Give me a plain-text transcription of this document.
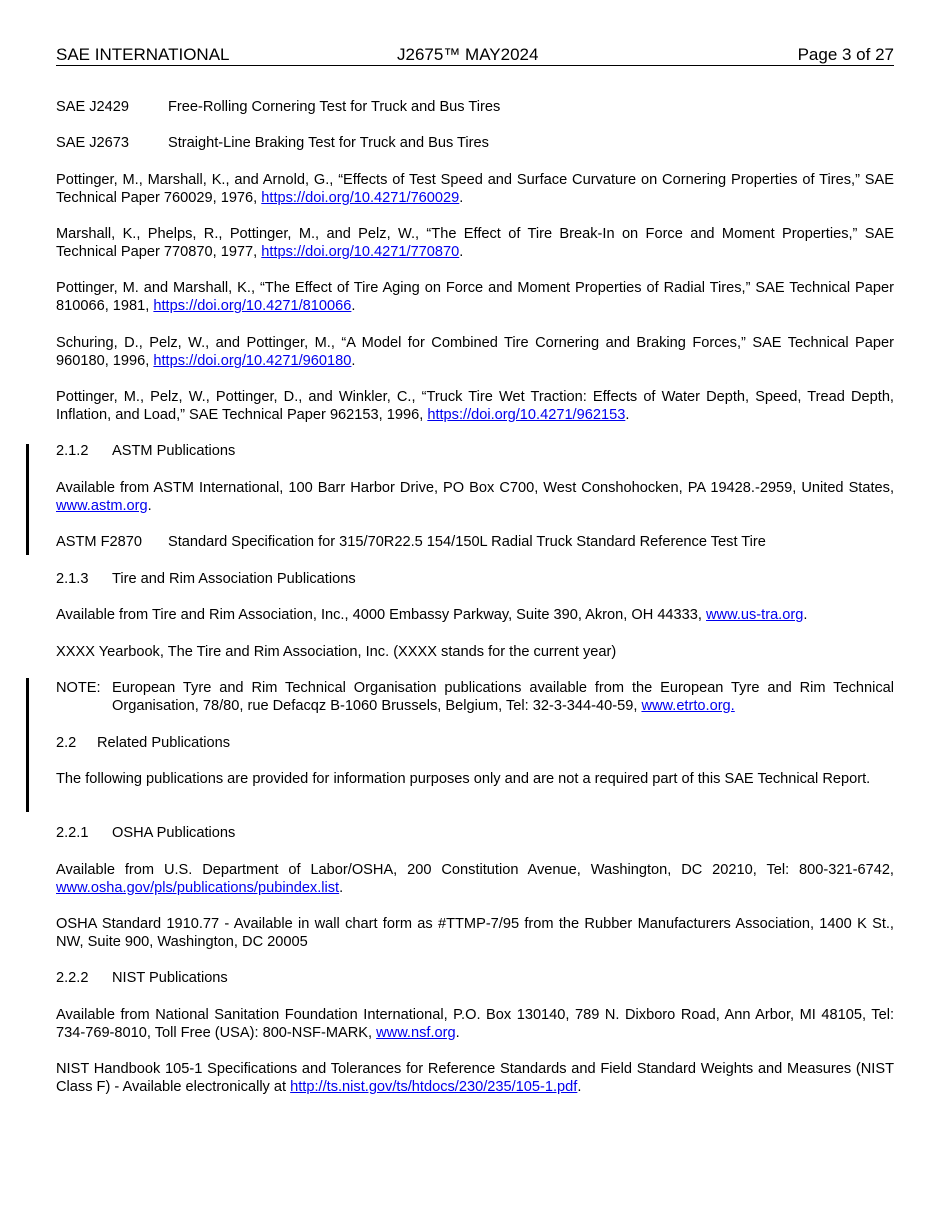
SAE INTERNATIONAL	J2675™ MAY2024	Page 3 of 27
SAE J2429	Free-Rolling Cornering Test for Truck and Bus Tires
SAE J2673	Straight-Line Braking Test for Truck and Bus Tires
Pottinger, M., Marshall, K., and Arnold, G., “Effects of Test Speed and Surface Curvature on Cornering Properties of Tires,” SAE Technical Paper 760029, 1976, https://doi.org/10.4271/760029.
Marshall, K., Phelps, R., Pottinger, M., and Pelz, W., “The Effect of Tire Break-In on Force and Moment Properties,” SAE Technical Paper 770870, 1977, https://doi.org/10.4271/770870.
Pottinger, M. and Marshall, K., “The Effect of Tire Aging on Force and Moment Properties of Radial Tires,” SAE Technical Paper 810066, 1981, https://doi.org/10.4271/810066.
Schuring, D., Pelz, W., and Pottinger, M., “A Model for Combined Tire Cornering and Braking Forces,” SAE Technical Paper 960180, 1996, https://doi.org/10.4271/960180.
Pottinger, M., Pelz, W., Pottinger, D., and Winkler, C., “Truck Tire Wet Traction: Effects of Water Depth, Speed, Tread Depth, Inflation, and Load,” SAE Technical Paper 962153, 1996, https://doi.org/10.4271/962153.
2.1.2	ASTM Publications
Available from ASTM International, 100 Barr Harbor Drive, PO Box C700, West Conshohocken, PA 19428.-2959, United States, www.astm.org.
ASTM F2870	Standard Specification for 315/70R22.5 154/150L Radial Truck Standard Reference Test Tire
2.1.3	Tire and Rim Association Publications
Available from Tire and Rim Association, Inc., 4000 Embassy Parkway, Suite 390, Akron, OH 44333, www.us-tra.org.
XXXX Yearbook, The Tire and Rim Association, Inc. (XXXX stands for the current year)
NOTE: European Tyre and Rim Technical Organisation publications available from the European Tyre and Rim Technical Organisation, 78/80, rue Defacqz B-1060 Brussels, Belgium, Tel: 32-3-344-40-59, www.etrto.org.
2.2	Related Publications
The following publications are provided for information purposes only and are not a required part of this SAE Technical Report.
2.2.1	OSHA Publications
Available from U.S. Department of Labor/OSHA, 200 Constitution Avenue, Washington, DC 20210, Tel: 800-321-6742, www.osha.gov/pls/publications/pubindex.list.
OSHA Standard 1910.77 - Available in wall chart form as #TTMP-7/95 from the Rubber Manufacturers Association, 1400 K St., NW, Suite 900, Washington, DC 20005
2.2.2	NIST Publications
Available from National Sanitation Foundation International, P.O. Box 130140, 789 N. Dixboro Road, Ann Arbor, MI 48105, Tel: 734-769-8010, Toll Free (USA): 800-NSF-MARK, www.nsf.org.
NIST Handbook 105-1 Specifications and Tolerances for Reference Standards and Field Standard Weights and Measures (NIST Class F) - Available electronically at http://ts.nist.gov/ts/htdocs/230/235/105-1.pdf.
